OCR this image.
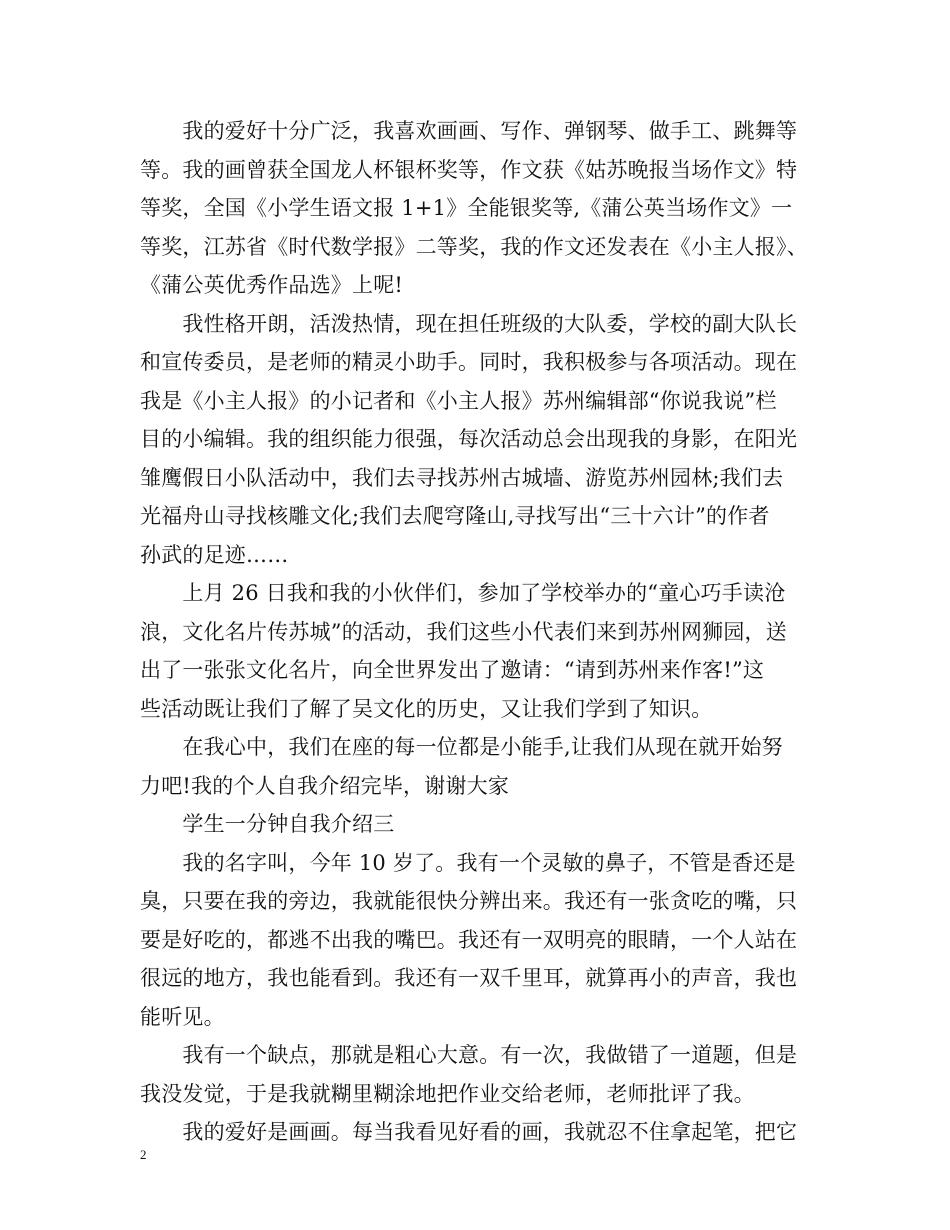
　　我的爱好十分广泛，我喜欢画画、写作、弹钢琴、做手工、跳舞等
等。我的画曾获全国龙人杯银杯奖等，作文获《姑苏晚报当场作文》特
等奖，全国《小学生语文报 1+1》全能银奖等,《蒲公英当场作文》一
等奖，江苏省《时代数学报》二等奖，我的作文还发表在《小主人报》、
《蒲公英优秀作品选》上呢!
　　我性格开朗，活泼热情，现在担任班级的大队委，学校的副大队长
和宣传委员，是老师的精灵小助手。同时，我积极参与各项活动。现在
我是《小主人报》的小记者和《小主人报》苏州编辑部“你说我说”栏
目的小编辑。我的组织能力很强，每次活动总会出现我的身影，在阳光
雏鹰假日小队活动中，我们去寻找苏州古城墙、游览苏州园林;我们去
光福舟山寻找核雕文化;我们去爬穹隆山,寻找写出“三十六计”的作者
孙武的足迹……
　　上月 26 日我和我的小伙伴们，参加了学校举办的“童心巧手读沧
浪，文化名片传苏城”的活动，我们这些小代表们来到苏州网狮园，送
出了一张张文化名片，向全世界发出了邀请：“请到苏州来作客!”这
些活动既让我们了解了吴文化的历史，又让我们学到了知识。
　　在我心中，我们在座的每一位都是小能手,让我们从现在就开始努
力吧!我的个人自我介绍完毕，谢谢大家
　　学生一分钟自我介绍三
　　我的名字叫，今年 10 岁了。我有一个灵敏的鼻子，不管是香还是
臭，只要在我的旁边，我就能很快分辨出来。我还有一张贪吃的嘴，只
要是好吃的，都逃不出我的嘴巴。我还有一双明亮的眼睛，一个人站在
很远的地方，我也能看到。我还有一双千里耳，就算再小的声音，我也
能听见。
　　我有一个缺点，那就是粗心大意。有一次，我做错了一道题，但是
我没发觉，于是我就糊里糊涂地把作业交给老师，老师批评了我。
　　我的爱好是画画。每当我看见好看的画，我就忍不住拿起笔，把它
2
